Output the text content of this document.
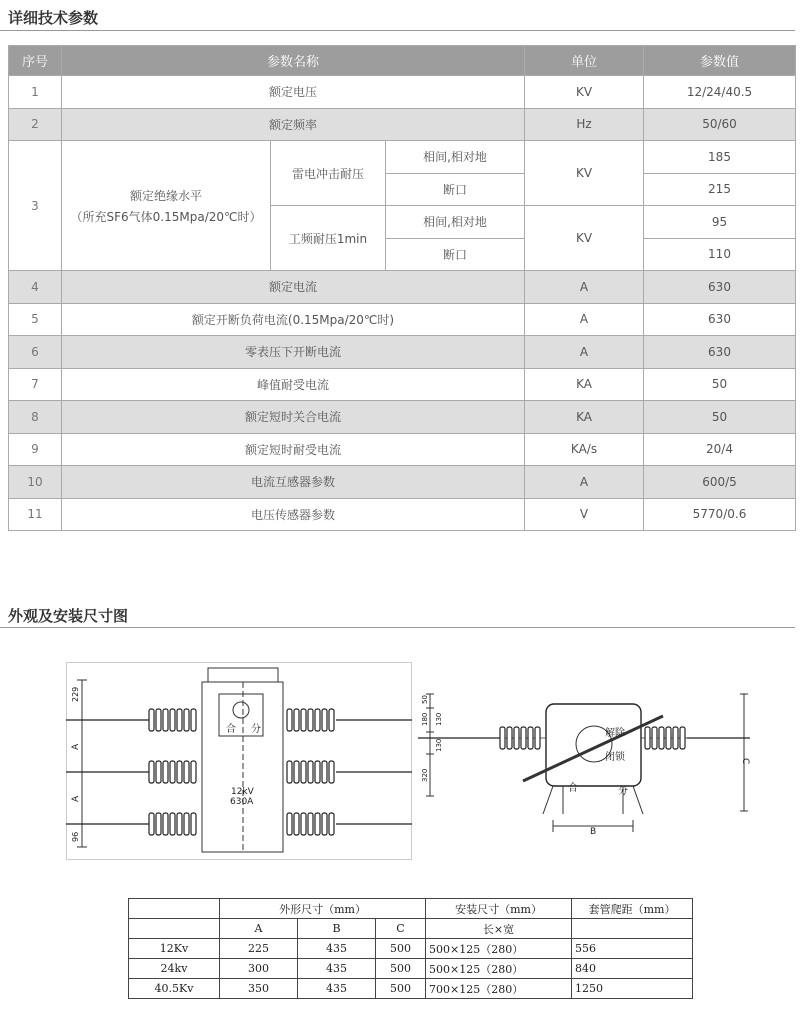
详细技术参数
序号	参数名称			单位	参数值
1	额定电压			KV	12/24/40.5
2	额定频率			Hz	50/60
3	额定绝缘水平
（所充SF6气体0.15Mpa/20℃时）	雷电冲击耐压	相间,相对地	KV	185
			断口		215
		工频耐压1min	相间,相对地	KV	95
			断口		110
4	额定电流			A	630
5	额定开断负荷电流(0.15Mpa/20℃时)			A	630
6	零表压下开断电流			A	630
7	峰值耐受电流			KA	50
8	额定短时关合电流			KA	50
9	额定短时耐受电流			KA/s	20/4
10	电流互感器参数			A	600/5
11	电压传感器参数			V	5770/0.6
外观及安装尺寸图
合 分
12kV
630A
229
A
A
96
解除
闭锁
合	分
B
C
50
180 130
130
320
	外形尺寸（mm）			安装尺寸（mm）	套管爬距（mm）
	A	B	C	长×宽	
12Kv	225	435	500	500×125（280）	556
24kv	300	435	500	500×125（280）	840
40.5Kv	350	435	500	700×125（280）	1250
